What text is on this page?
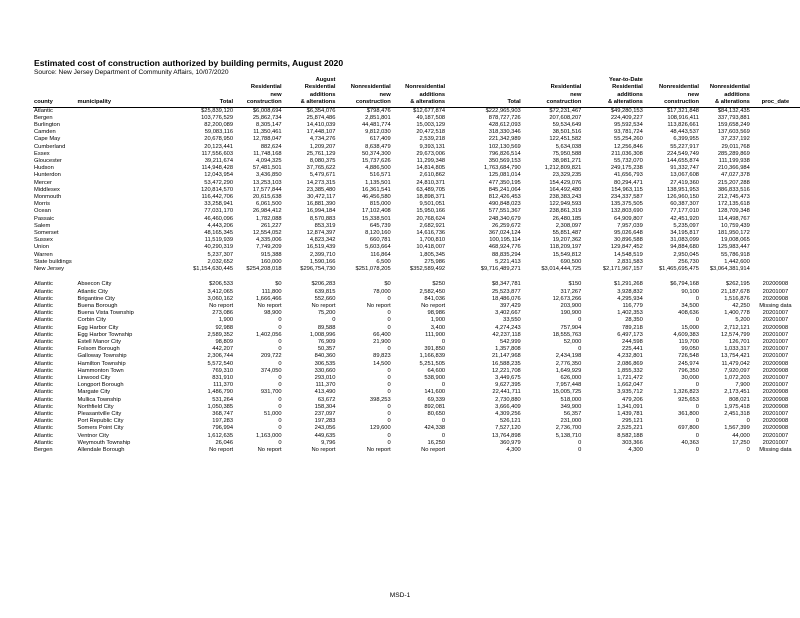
Estimated cost of construction authorized by building permits, August 2020
Source: New Jersey Department of Community Affairs, 10/07/2020
				August					Year-to-Date			
			Residential	Residential	Nonresidential	Nonresidential		Residential	Residential	Nonresidential	Nonresidential	
			new	additions	new	additions		new	additions	new	additions	
county	municipality	Total	construction	& alterations	construction	& alterations	Total	construction	& alterations	construction	& alterations	proc_date
Atlantic		$25,839,120	$6,008,694	$6,354,076	$798,476	$12,677,874	$222,965,903	$72,231,467	$49,280,153	$17,321,848	$84,132,435	
Bergen		103,776,529	25,862,734	25,874,486	2,851,801	49,187,508	878,727,726	207,608,207	224,409,227	108,916,411	337,793,881	
Burlington		82,200,089	8,305,147	14,410,039	44,481,774	15,003,129	428,612,093	59,534,649	95,592,534	113,826,661	159,658,249	
Camden		59,083,116	11,350,461	17,448,107	9,812,030	20,472,518	318,330,346	38,501,516	93,781,724	48,443,537	137,603,569	
Cape May		20,678,950	12,788,047	4,734,276	617,409	2,539,218	221,342,989	122,451,582	55,254,260	6,399,955	37,237,192	
Cumberland		20,123,441	882,624	1,209,207	8,638,479	9,393,131	102,130,569	5,634,038	12,256,846	55,227,917	29,011,768	
Essex		117,556,603	11,748,168	25,761,129	50,374,300	29,673,006	796,826,514	75,950,588	211,036,308	224,549,749	285,289,869	
Gloucester		39,211,674	4,094,325	8,080,375	15,737,626	11,299,348	350,569,153	38,981,271	55,732,070	144,655,874	111,199,938	
Hudson		114,948,428	57,481,501	37,765,622	4,886,500	14,814,805	1,763,684,790	1,212,809,821	249,175,238	91,332,747	210,366,984	
Hunterdon		12,043,954	3,436,850	5,479,671	516,571	2,610,862	125,081,014	23,329,235	41,656,793	13,067,608	47,027,378	
Mercer		53,472,290	13,253,103	14,273,315	1,135,501	24,810,371	477,350,195	154,429,076	80,294,471	27,419,360	215,207,288	
Middlesex		120,814,570	17,577,844	23,385,480	16,361,541	63,489,705	845,241,064	164,492,480	154,963,115	138,951,953	386,833,516	
Monmouth		116,442,706	20,615,638	30,472,117	46,456,580	18,898,371	812,426,453	238,383,243	234,337,587	126,960,150	212,745,473	
Morris		33,258,941	6,061,500	16,881,390	815,000	9,501,051	490,848,023	122,949,593	135,375,505	60,387,307	172,135,618	
Ocean		77,031,170	26,984,412	16,994,184	17,102,408	15,950,166	577,551,367	238,861,319	132,803,690	77,177,010	128,709,348	
Passaic		46,460,096	1,782,088	8,570,883	15,338,501	20,768,624	248,340,679	26,480,185	64,909,807	42,451,920	114,498,767	
Salem		4,443,206	261,227	853,319	645,739	2,682,921	26,259,672	2,308,097	7,957,039	5,235,097	10,759,439	
Somerset		48,165,345	12,554,052	12,874,397	8,120,160	14,616,736	367,024,124	55,851,487	95,026,648	34,195,817	181,950,172	
Sussex		11,519,939	4,335,006	4,823,342	660,781	1,700,810	100,195,114	19,207,362	30,896,588	31,083,099	19,008,065	
Union		40,290,319	7,749,209	16,519,439	5,603,664	10,418,007	468,924,776	118,209,197	129,847,452	94,884,680	125,983,447	
Warren		5,237,307	915,388	2,399,710	116,864	1,805,345	88,835,294	15,549,812	14,548,519	2,950,045	55,786,918	
State buildings		2,032,652	160,000	1,590,166	6,500	275,986	5,221,413	690,500	2,831,583	256,730	1,442,600	
New Jersey		$1,154,630,445	$254,208,018	$296,754,730	$251,078,205	$352,589,492	$9,716,489,271	$3,014,444,725	$2,171,967,157	$1,465,695,475	$3,064,381,914	

Atlantic	Absecon City	$206,533	$0	$206,283	$0	$250	$8,347,781	$150	$1,291,268	$6,794,168	$262,195	20200908
Atlantic	Atlantic City	3,412,065	111,800	639,815	78,000	2,582,450	25,523,877	317,267	3,928,832	90,100	21,187,678	20201007
Atlantic	Brigantine City	3,060,162	1,666,466	552,660	0	841,036	18,486,076	12,673,266	4,295,934	0	1,516,876	20200908
Atlantic	Buena Borough	No report	No report	No report	No report	No report	397,429	203,900	116,779	34,500	42,250	Missing data
Atlantic	Buena Vista Township	273,086	98,900	75,200	0	98,986	3,402,667	190,900	1,402,353	408,636	1,400,778	20201007
Atlantic	Corbin City	1,900	0	0	0	1,900	33,550	0	28,350	0	5,200	20201007
Atlantic	Egg Harbor City	92,988	0	89,588	0	3,400	4,274,243	757,904	789,218	15,000	2,712,121	20200908
Atlantic	Egg Harbor Township	2,589,352	1,402,056	1,008,996	66,400	111,900	42,237,118	18,555,763	6,497,173	4,609,383	12,574,799	20201007
Atlantic	Estell Manor City	98,809	0	76,909	21,900	0	542,999	52,000	244,598	119,700	126,701	20201007
Atlantic	Folsom Borough	442,207	0	50,357	0	391,850	1,357,808	0	225,441	99,050	1,033,317	20201007
Atlantic	Galloway Township	2,306,744	209,722	840,360	89,823	1,166,839	21,147,968	2,434,198	4,232,801	726,548	13,754,421	20201007
Atlantic	Hamilton Township	5,572,540	0	306,535	14,500	5,251,505	16,588,235	2,776,350	2,086,869	245,974	11,479,042	20200908
Atlantic	Hammonton Town	769,310	374,050	330,660	0	64,600	12,221,708	1,649,929	1,855,332	796,350	7,920,097	20200908
Atlantic	Linwood City	831,910	0	293,010	0	538,900	3,449,675	626,000	1,721,472	30,000	1,072,203	20201007
Atlantic	Longport Borough	111,370	0	111,370	0	0	9,627,395	7,957,448	1,662,047	0	7,900	20201007
Atlantic	Margate City	1,486,790	931,700	413,490	0	141,600	22,441,711	15,005,725	3,935,712	1,326,823	2,173,451	20200908
Atlantic	Mullica Township	531,264	0	63,672	398,253	69,339	2,730,880	518,000	479,206	925,653	808,021	20200908
Atlantic	Northfield City	1,050,385	0	158,304	0	892,081	3,666,409	349,900	1,341,091	0	1,975,418	20200908
Atlantic	Pleasantville City	368,747	51,000	237,097	0	80,650	4,309,256	56,357	1,439,781	361,800	2,451,318	20201007
Atlantic	Port Republic City	197,283	0	197,283	0	0	526,121	231,000	295,121	0	0	20200908
Atlantic	Somers Point City	796,994	0	243,056	129,600	424,338	7,527,120	2,736,700	2,525,221	697,800	1,567,399	20200908
Atlantic	Ventnor City	1,612,635	1,163,000	449,635	0	0	13,764,898	5,138,710	8,582,188	0	44,000	20201007
Atlantic	Weymouth Township	26,046	0	9,796	0	16,250	360,979	0	303,366	40,363	17,250	20201007
Bergen	Allendale Borough	No report	No report	No report	No report	No report	4,300	0	4,300	0	0	Missing data
MSD-1
